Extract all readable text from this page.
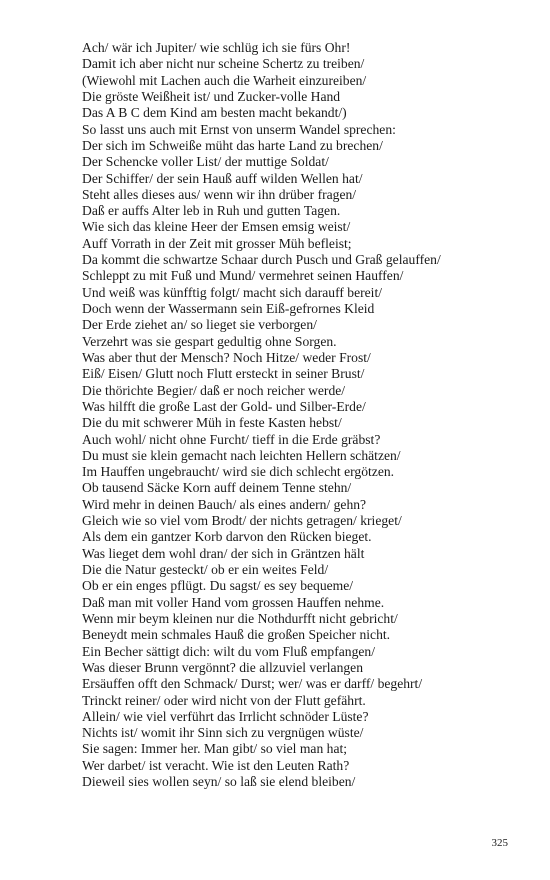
Ach/ wär ich Jupiter/ wie schlüg ich sie fürs Ohr!
Damit ich aber nicht nur scheine Schertz zu treiben/
(Wiewohl mit Lachen auch die Warheit einzureiben/
Die gröste Weißheit ist/ und Zucker-volle Hand
Das A B C dem Kind am besten macht bekandt/)
So lasst uns auch mit Ernst von unserm Wandel sprechen:
Der sich im Schweiße müht das harte Land zu brechen/
Der Schencke voller List/ der muttige Soldat/
Der Schiffer/ der sein Hauß auff wilden Wellen hat/
Steht alles dieses aus/ wenn wir ihn drüber fragen/
Daß er auffs Alter leb in Ruh und gutten Tagen.
Wie sich das kleine Heer der Emsen emsig weist/
Auff Vorrath in der Zeit mit grosser Müh befleist;
Da kommt die schwartze Schaar durch Pusch und Graß gelauffen/
Schleppt zu mit Fuß und Mund/ vermehret seinen Hauffen/
Und weiß was künfftig folgt/ macht sich darauff bereit/
Doch wenn der Wassermann sein Eiß-gefrornes Kleid
Der Erde ziehet an/ so lieget sie verborgen/
Verzehrt was sie gespart gedultig ohne Sorgen.
Was aber thut der Mensch? Noch Hitze/ weder Frost/
Eiß/ Eisen/ Glutt noch Flutt ersteckt in seiner Brust/
Die thörichte Begier/ daß er noch reicher werde/
Was hilfft die große Last der Gold- und Silber-Erde/
Die du mit schwerer Müh in feste Kasten hebst/
Auch wohl/ nicht ohne Furcht/ tieff in die Erde gräbst?
Du must sie klein gemacht nach leichten Hellern schätzen/
Im Hauffen ungebraucht/ wird sie dich schlecht ergötzen.
Ob tausend Säcke Korn auff deinem Tenne stehn/
Wird mehr in deinen Bauch/ als eines andern/ gehn?
Gleich wie so viel vom Brodt/ der nichts getragen/ krieget/
Als dem ein gantzer Korb darvon den Rücken bieget.
Was lieget dem wohl dran/ der sich in Gräntzen hält
Die die Natur gesteckt/ ob er ein weites Feld/
Ob er ein enges pflügt. Du sagst/ es sey bequeme/
Daß man mit voller Hand vom grossen Hauffen nehme.
Wenn mir beym kleinen nur die Nothdurfft nicht gebricht/
Beneydt mein schmales Hauß die großen Speicher nicht.
Ein Becher sättigt dich: wilt du vom Fluß empfangen/
Was dieser Brunn vergönnt? die allzuviel verlangen
Ersäuffen offt den Schmack/ Durst; wer/ was er darff/ begehrt/
Trinckt reiner/ oder wird nicht von der Flutt gefährt.
Allein/ wie viel verführt das Irrlicht schnöder Lüste?
Nichts ist/ womit ihr Sinn sich zu vergnügen wüste/
Sie sagen: Immer her. Man gibt/ so viel man hat;
Wer darbet/ ist veracht. Wie ist den Leuten Rath?
Dieweil sies wollen seyn/ so laß sie elend bleiben/
325
